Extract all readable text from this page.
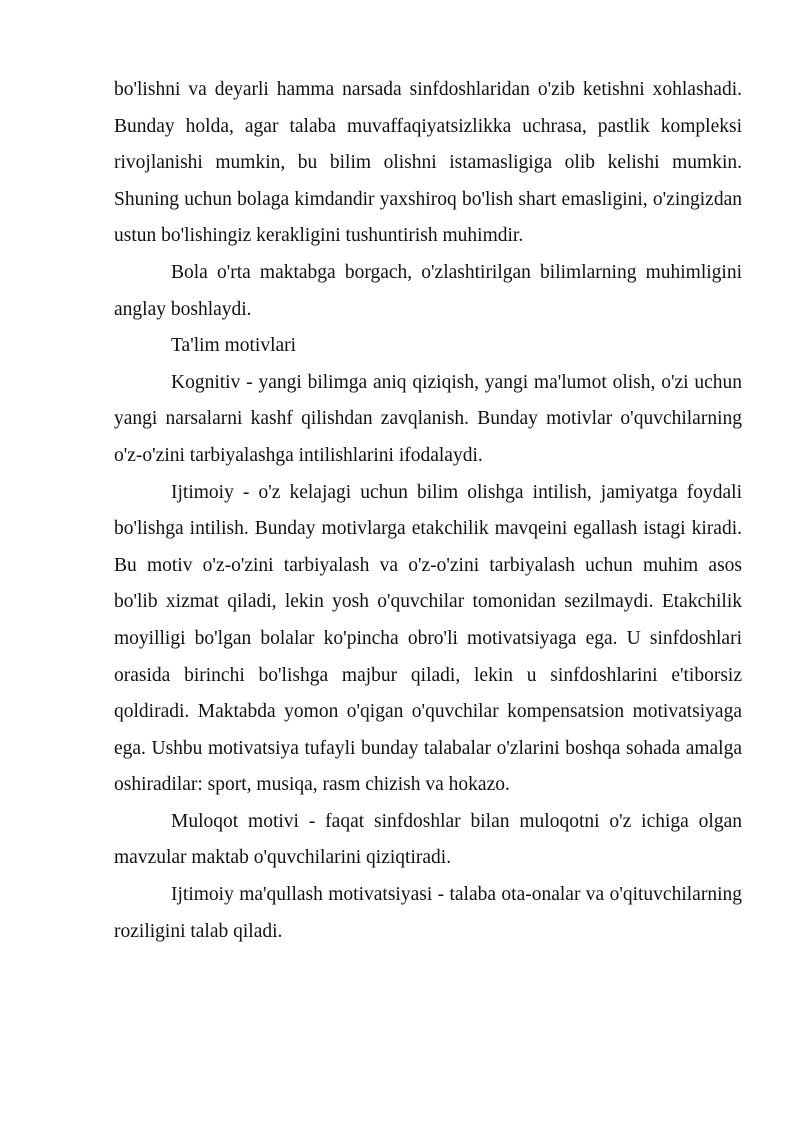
bo'lishni va deyarli hamma narsada sinfdoshlaridan o'zib ketishni xohlashadi. Bunday holda, agar talaba muvaffaqiyatsizlikka uchrasa, pastlik kompleksi rivojlanishi mumkin, bu bilim olishni istamasligiga olib kelishi mumkin. Shuning uchun bolaga kimdandir yaxshiroq bo'lish shart emasligini, o'zingizdan ustun bo'lishingiz kerakligini tushuntirish muhimdir.

Bola o'rta maktabga borgach, o'zlashtirilgan bilimlarning muhimligini anglay boshlaydi.

Ta'lim motivlari

Kognitiv - yangi bilimga aniq qiziqish, yangi ma'lumot olish, o'zi uchun yangi narsalarni kashf qilishdan zavqlanish. Bunday motivlar o'quvchilarning o'z-o'zini tarbiyalashga intilishlarini ifodalaydi.

Ijtimoiy - o'z kelajagi uchun bilim olishga intilish, jamiyatga foydali bo'lishga intilish. Bunday motivlarga etakchilik mavqeini egallash istagi kiradi. Bu motiv o'z-o'zini tarbiyalash va o'z-o'zini tarbiyalash uchun muhim asos bo'lib xizmat qiladi, lekin yosh o'quvchilar tomonidan sezilmaydi. Etakchilik moyilligi bo'lgan bolalar ko'pincha obro'li motivatsiyaga ega. U sinfdoshlari orasida birinchi bo'lishga majbur qiladi, lekin u sinfdoshlarini e'tiborsiz qoldiradi. Maktabda yomon o'qigan o'quvchilar kompensatsion motivatsiyaga ega. Ushbu motivatsiya tufayli bunday talabalar o'zlarini boshqa sohada amalga oshiradilar: sport, musiqa, rasm chizish va hokazo.

Muloqot motivi - faqat sinfdoshlar bilan muloqotni o'z ichiga olgan mavzular maktab o'quvchilarini qiziqtiradi.

Ijtimoiy ma'qullash motivatsiyasi - talaba ota-onalar va o'qituvchilarning roziligini talab qiladi.
